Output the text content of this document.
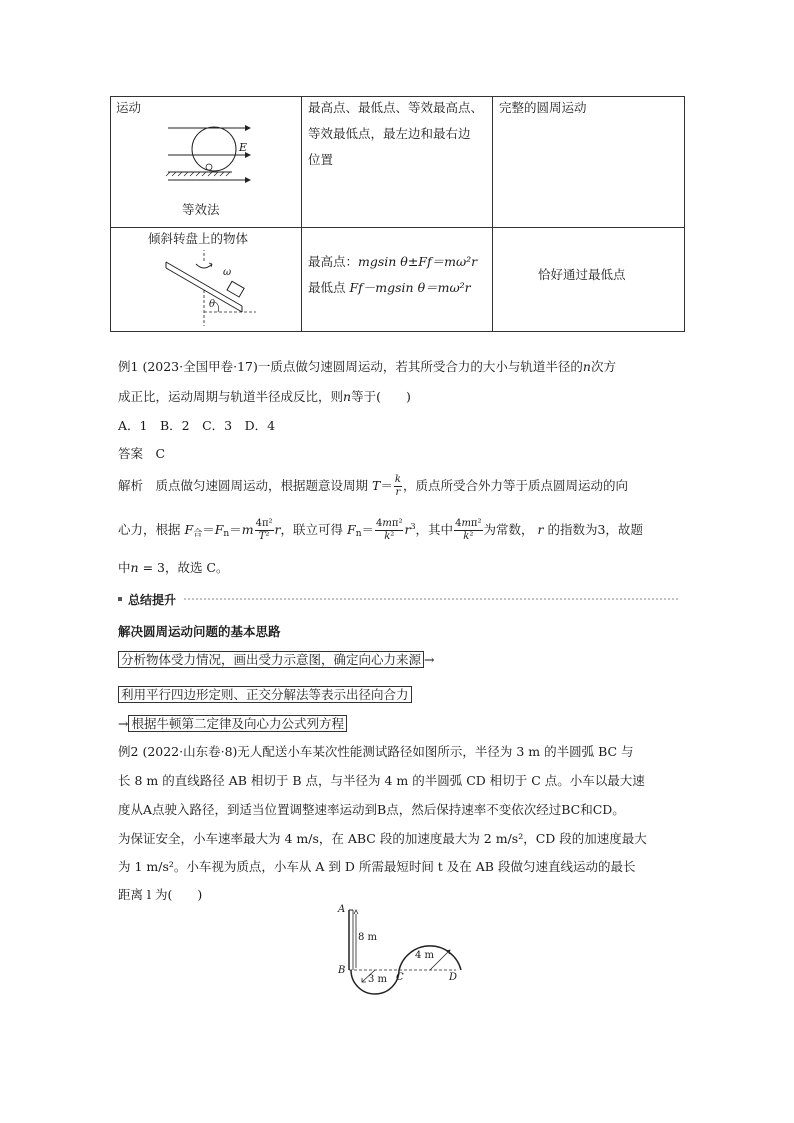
运动
E
等效法
最高点、最低点、等效最高点、
等效最低点，最左边和最右边
位置
完整的圆周运动
倾斜转盘上的物体
ω
θ
最高点：mgsin θ±Ff＝mω²r
最低点 Ff－mgsin θ＝mω²r
恰好通过最低点
例1 (2023·全国甲卷·17)一质点做匀速圆周运动，若其所受合力的大小与轨道半径的n次方
成正比，运动周期与轨道半径成反比，则n等于(　　)
A．1　B．2　C．3　D．4
答案　 C
解析　 质点做匀速圆周运动，根据题意设周期 $T= \frac{k}{r}$ ，质点所受合外力等于质点圆周运动的向
心力，根据 $F_合=F_n=m \frac{\text{4π²}}{\text{T²}}$ r，联立可得 $F_n= \frac{\text{4mπ²}}{\text{k²}} r^3$，其中 $\frac{\text{4mπ²}}{\text{k²}}$ 为常数， r 的指数为3，故题
中n = 3，故选 C。
总结提升
解决圆周运动问题的基本思路
分析物体受力情况，画出受力示意图，确定向心力来源 →
利用平行四边形定则、正交分解法等表示出径向合力
→ 根据牛顿第二定律及向心力公式列方程
例2 (2022·山东卷·8)无人配送小车某次性能测试路径如图所示，半径为 3 m 的半圆弧 BC 与
长 8 m 的直线路径 AB 相切于 B 点，与半径为 4 m 的半圆弧 CD 相切于 C 点。小车以最大速
度从A点驶入路径，到适当位置调整速率运动到B点，然后保持速率不变依次经过BC和CD。
为保证安全，小车速率最大为 4 m/s，在 ABC 段的加速度最大为 2 m/s²，CD 段的加速度最大
为 1 m/s²。小车视为质点，小车从 A 到 D 所需最短时间 t 及在 AB 段做匀速直线运动的最长
距离 l 为(　　)
A
8 m
B
3 m C
4 m
D
